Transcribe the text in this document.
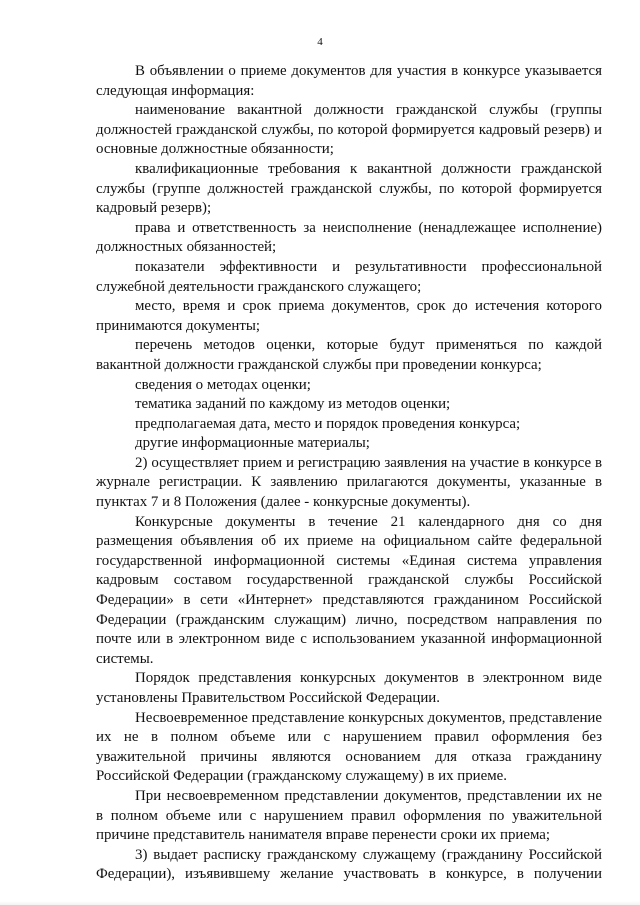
4

В объявлении о приеме документов для участия в конкурсе указывается следующая информация:

наименование вакантной должности гражданской службы (группы должностей гражданской службы, по которой формируется кадровый резерв) и основные должностные обязанности;

квалификационные требования к вакантной должности гражданской службы (группе должностей гражданской службы, по которой формируется кадровый резерв);

права и ответственность за неисполнение (ненадлежащее исполнение) должностных обязанностей;

показатели эффективности и результативности профессиональной служебной деятельности гражданского служащего;

место, время и срок приема документов, срок до истечения которого принимаются документы;

перечень методов оценки, которые будут применяться по каждой вакантной должности гражданской службы при проведении конкурса;

сведения о методах оценки;

тематика заданий по каждому из методов оценки;

предполагаемая дата, место и порядок проведения конкурса;

другие информационные материалы;

2) осуществляет прием и регистрацию заявления на участие в конкурсе в журнале регистрации. К заявлению прилагаются документы, указанные в пунктах 7 и 8 Положения (далее - конкурсные документы).

Конкурсные документы в течение 21 календарного дня со дня размещения объявления об их приеме на официальном сайте федеральной государственной информационной системы «Единая система управления кадровым составом государственной гражданской службы Российской Федерации» в сети «Интернет» представляются гражданином Российской Федерации (гражданским служащим) лично, посредством направления по почте или в электронном виде с использованием указанной информационной системы.

Порядок представления конкурсных документов в электронном виде установлены Правительством Российской Федерации.

Несвоевременное представление конкурсных документов, представление их не в полном объеме или с нарушением правил оформления без уважительной причины являются основанием для отказа гражданину Российской Федерации (гражданскому служащему) в их приеме.

При несвоевременном представлении документов, представлении их не в полном объеме или с нарушением правил оформления по уважительной причине представитель нанимателя вправе перенести сроки их приема;

3) выдает расписку гражданскому служащему (гражданину Российской Федерации), изъявившему желание участвовать в конкурсе, в получении
